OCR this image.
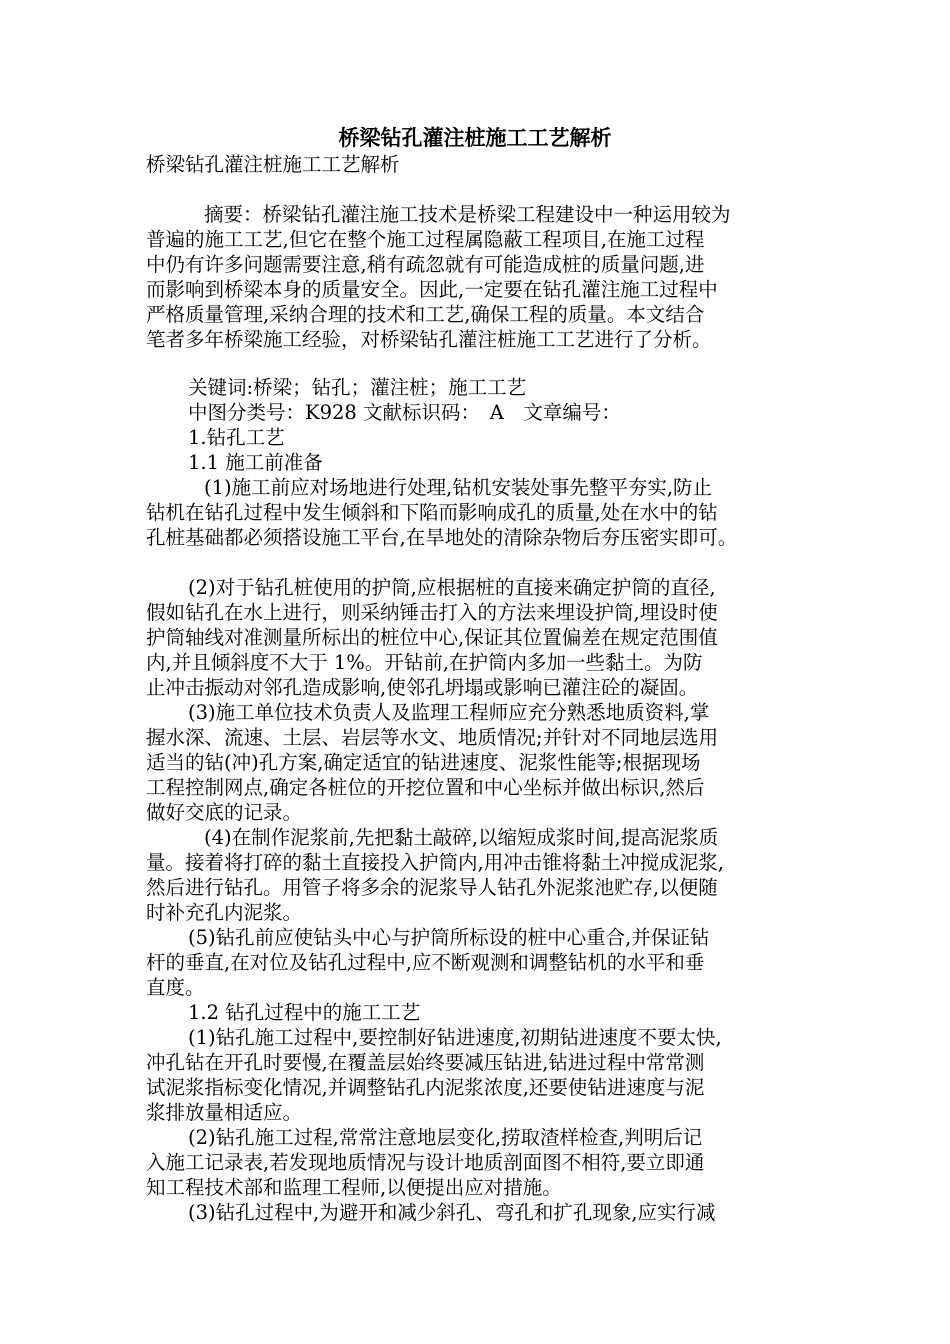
桥梁钻孔灌注桩施工工艺解析
桥梁钻孔灌注桩施工工艺解析
摘要：桥梁钻孔灌注施工技术是桥梁工程建设中一种运用较为
普遍的施工工艺,但它在整个施工过程属隐蔽工程项目,在施工过程
中仍有许多问题需要注意,稍有疏忽就有可能造成桩的质量问题,进
而影响到桥梁本身的质量安全。因此,一定要在钻孔灌注施工过程中
严格质量管理,采纳合理的技术和工艺,确保工程的质量。本文结合
笔者多年桥梁施工经验，对桥梁钻孔灌注桩施工工艺进行了分析。
关键词:桥梁；钻孔；灌注桩；施工工艺
中图分类号：K928 文献标识码：　A　文章编号：
1.钻孔工艺
1.1 施工前准备
(1)施工前应对场地进行处理,钻机安装处事先整平夯实,防止
钻机在钻孔过程中发生倾斜和下陷而影响成孔的质量,处在水中的钻
孔桩基础都必须搭设施工平台,在旱地处的清除杂物后夯压密实即可。
(2)对于钻孔桩使用的护筒,应根据桩的直接来确定护筒的直径,
假如钻孔在水上进行，则采纳锤击打入的方法来埋设护筒,埋设时使
护筒轴线对准测量所标出的桩位中心,保证其位置偏差在规定范围值
内,并且倾斜度不大于 1%。开钻前,在护筒内多加一些黏土。为防
止冲击振动对邻孔造成影响,使邻孔坍塌或影响已灌注砼的凝固。
(3)施工单位技术负责人及监理工程师应充分熟悉地质资料,掌
握水深、流速、土层、岩层等水文、地质情况;并针对不同地层选用
适当的钻(冲)孔方案,确定适宜的钻进速度、泥浆性能等;根据现场
工程控制网点,确定各桩位的开挖位置和中心坐标并做出标识,然后
做好交底的记录。
(4)在制作泥浆前,先把黏土敲碎,以缩短成浆时间,提高泥浆质
量。接着将打碎的黏土直接投入护筒内,用冲击锥将黏土冲搅成泥浆,
然后进行钻孔。用管子将多余的泥浆导人钻孔外泥浆池贮存,以便随
时补充孔内泥浆。
(5)钻孔前应使钻头中心与护筒所标设的桩中心重合,并保证钻
杆的垂直,在对位及钻孔过程中,应不断观测和调整钻机的水平和垂
直度。
1.2 钻孔过程中的施工工艺
(1)钻孔施工过程中,要控制好钻进速度,初期钻进速度不要太快,
冲孔钻在开孔时要慢,在覆盖层始终要减压钻进,钻进过程中常常测
试泥浆指标变化情况,并调整钻孔内泥浆浓度,还要使钻进速度与泥
浆排放量相适应。
(2)钻孔施工过程,常常注意地层变化,捞取渣样检查,判明后记
入施工记录表,若发现地质情况与设计地质剖面图不相符,要立即通
知工程技术部和监理工程师,以便提出应对措施。
(3)钻孔过程中,为避开和减少斜孔、弯孔和扩孔现象,应实行减
